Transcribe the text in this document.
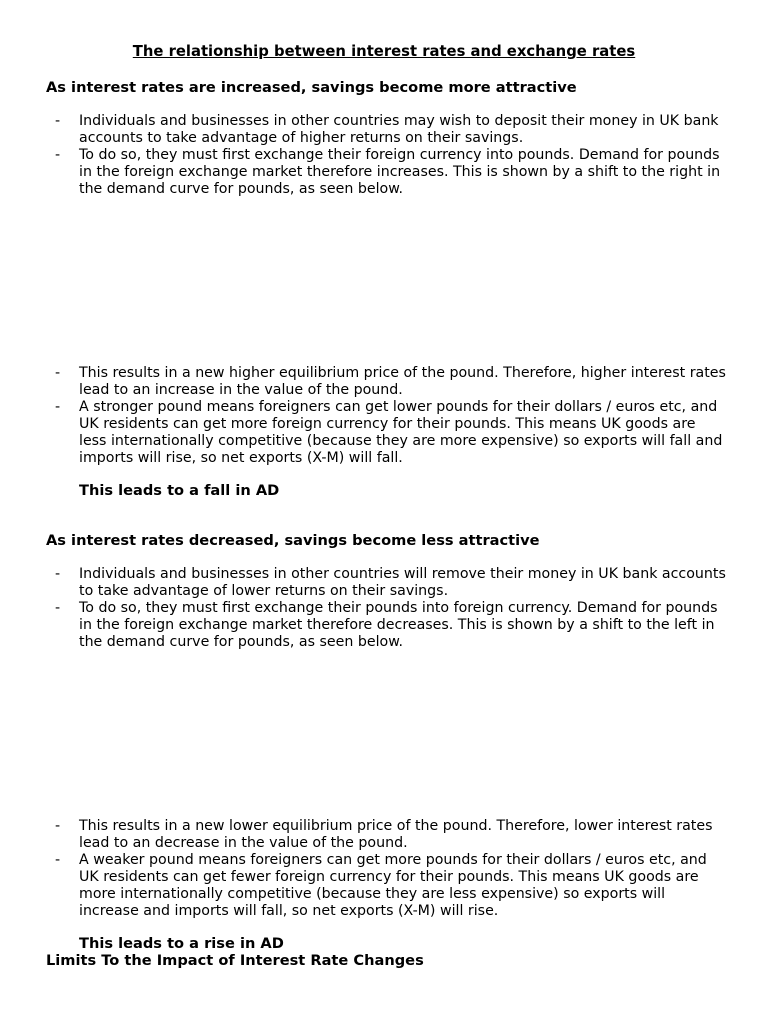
The relationship between interest rates and exchange rates
As interest rates are increased, savings become more attractive
- Individuals and businesses in other countries may wish to deposit their money in UK bank accounts to take advantage of higher returns on their savings.
- To do so, they must first exchange their foreign currency into pounds. Demand for pounds in the foreign exchange market therefore increases. This is shown by a shift to the right in the demand curve for pounds, as seen below.
- This results in a new higher equilibrium price of the pound. Therefore, higher interest rates lead to an increase in the value of the pound.
- A stronger pound means foreigners can get lower pounds for their dollars / euros etc, and UK residents can get more foreign currency for their pounds. This means UK goods are less internationally competitive (because they are more expensive) so exports will fall and imports will rise, so net exports (X-M) will fall.
This leads to a fall in AD
As interest rates decreased, savings become less attractive
- Individuals and businesses in other countries will remove their money in UK bank accounts to take advantage of lower returns on their savings.
- To do so, they must first exchange their pounds into foreign currency. Demand for pounds in the foreign exchange market therefore decreases. This is shown by a shift to the left in the demand curve for pounds, as seen below.
- This results in a new lower equilibrium price of the pound. Therefore, lower interest rates lead to an decrease in the value of the pound.
- A weaker pound means foreigners can get more pounds for their dollars / euros etc, and UK residents can get fewer foreign currency for their pounds. This means UK goods are more internationally competitive (because they are less expensive) so exports will increase and imports will fall, so net exports (X-M) will rise.
This leads to a rise in AD
Limits To the Impact of Interest Rate Changes
